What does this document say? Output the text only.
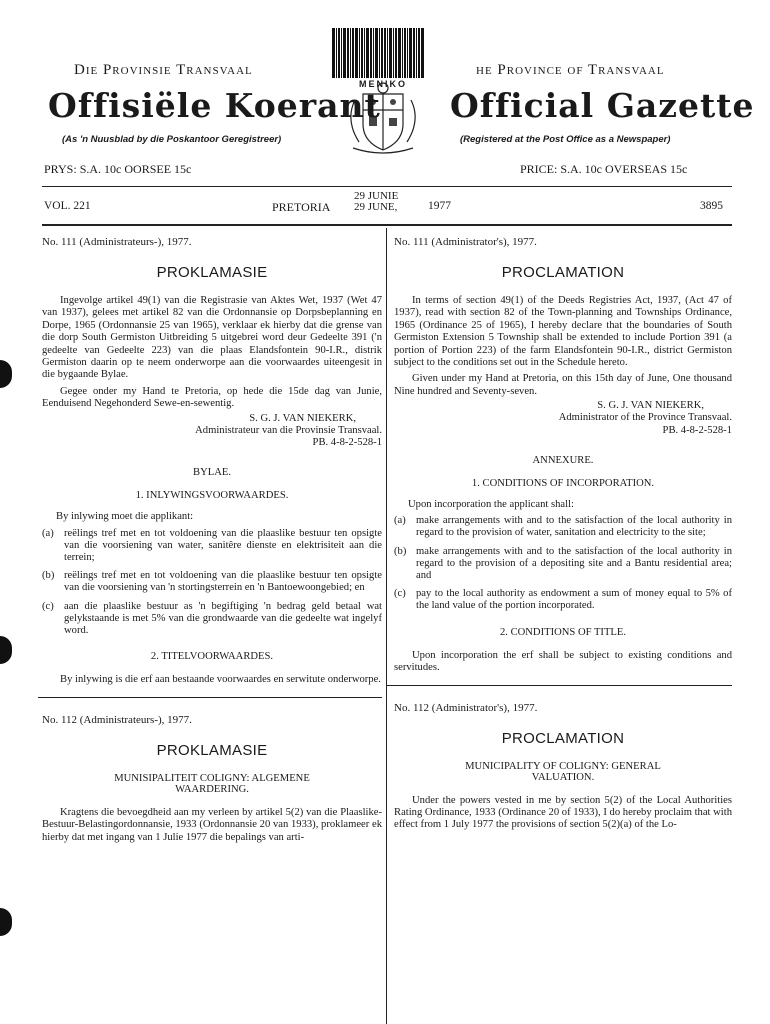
Die Provinsie Transvaal	he Province of Transvaal
MENIKO
Offisiële Koerant Official Gazette
(As 'n Nuusblad by die Poskantoor Geregistreer)	(Registered at the Post Office as a Newspaper)
PRYS: S.A. 10c OORSEE 15c	PRICE: S.A. 10c OVERSEAS 15c
VOL. 221	PRETORIA
29 JUNIE
29 JUNE,	1977	3895
No. 111 (Administrateurs-), 1977.
PROKLAMASIE

Ingevolge artikel 49(1) van die Registrasie van Aktes Wet, 1937 (Wet 47 van 1937), gelees met artikel 82 van die Ordonnansie op Dorpsbeplanning en Dorpe, 1965 (Ordonnansie 25 van 1965), verklaar ek hierby dat die grense van die dorp South Germiston Uitbreiding 5 uitgebrei word deur Gedeelte 391 ('n gedeelte van Gedeelte 223) van die plaas Elandsfontein 90-I.R., distrik Germiston daarin op te neem onderworpe aan die voorwaardes uiteengesit in die bygaande Bylae.

Gegee onder my Hand te Pretoria, op hede die 15de dag van Junie, Eenduisend Negehonderd Sewe-en-sewentig.

S. G. J. VAN NIEKERK,
Administrateur van die Provinsie Transvaal.
PB. 4-8-2-528-1

BYLAE.

1. INLYWINGSVOORWAARDES.

By inlywing moet die applikant:

(a) reëlings tref met en tot voldoening van die plaaslike bestuur ten opsigte van die voorsiening van water, sanitêre dienste en elektrisiteit aan die terrein;

(b) reëlings tref met en tot voldoening van die plaaslike bestuur ten opsigte van die voorsiening van 'n stortingsterrein en 'n Bantoewoongebied; en

(c) aan die plaaslike bestuur as 'n begiftiging 'n bedrag geld betaal wat gelykstaande is met 5% van die grondwaarde van die gedeelte wat ingelyf word.

2. TITELVOORWAARDES.

By inlywing is die erf aan bestaande voorwaardes en serwitute onderworpe.

No. 112 (Administrateurs-), 1977.
PROKLAMASIE

MUNISIPALITEIT COLIGNY: ALGEMENE WAARDERING.

Kragtens die bevoegdheid aan my verleen by artikel 5(2) van die Plaaslike-Bestuur-Belastingordonnansie, 1933 (Ordonnansie 20 van 1933), proklameer ek hierby dat met ingang van 1 Julie 1977 die bepalings van arti-

No. 111 (Administrator's), 1977.
PROCLAMATION

In terms of section 49(1) of the Deeds Registries Act, 1937, (Act 47 of 1937), read with section 82 of the Town-planning and Townships Ordinance, 1965 (Ordinance 25 of 1965), I hereby declare that the boundaries of South Germiston Extension 5 Township shall be extended to include Portion 391 (a portion of Portion 223) of the farm Elandsfontein 90-I.R., district Germiston subject to the conditions set out in the Schedule hereto.

Given under my Hand at Pretoria, on this 15th day of June, One thousand Nine hundred and Seventy-seven.

S. G. J. VAN NIEKERK,
Administrator of the Province Transvaal.
PB. 4-8-2-528-1

ANNEXURE.

1. CONDITIONS OF INCORPORATION.

Upon incorporation the applicant shall:

(a) make arrangements with and to the satisfaction of the local authority in regard to the provision of water, sanitation and electricity to the site;

(b) make arrangements with and to the satisfaction of the local authority in regard to the provision of a depositing site and a Bantu residential area; and

(c) pay to the local authority as endowment a sum of money equal to 5% of the land value of the portion incorporated.

2. CONDITIONS OF TITLE.

Upon incorporation the erf shall be subject to existing conditions and servitudes.

No. 112 (Administrator's), 1977.
PROCLAMATION

MUNICIPALITY OF COLIGNY: GENERAL VALUATION.

Under the powers vested in me by section 5(2) of the Local Authorities Rating Ordinance, 1933 (Ordinance 20 of 1933), I do hereby proclaim that with effect from 1 July 1977 the provisions of section 5(2)(a) of the Lo-
